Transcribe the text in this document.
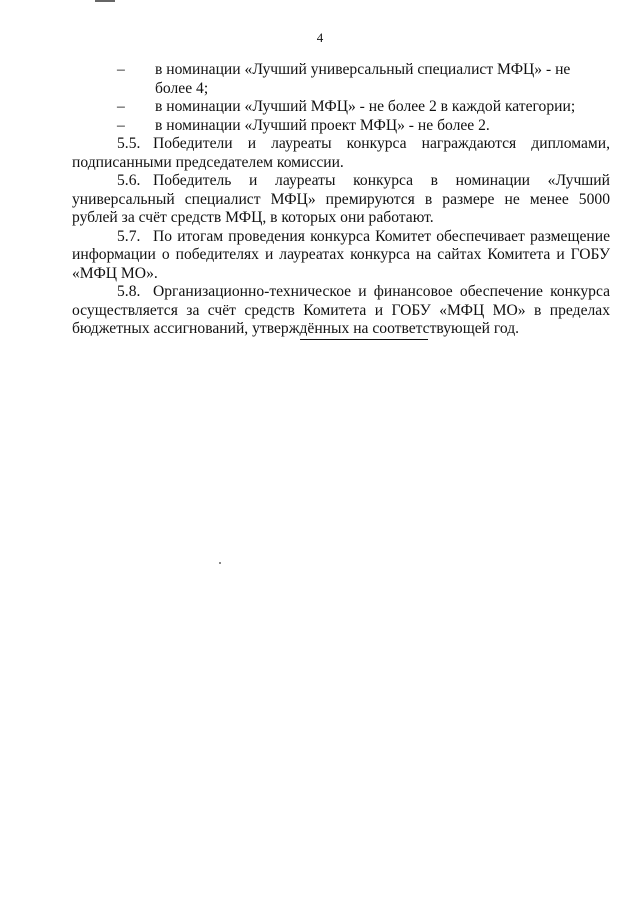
4
–	в номинации «Лучший универсальный специалист МФЦ» - не более 4;
–	в номинации «Лучший МФЦ» - не более 2 в каждой категории;
–	в номинации «Лучший проект МФЦ» - не более 2.
5.5. Победители и лауреаты конкурса награждаются дипломами, подписанными председателем комиссии.
5.6. Победитель и лауреаты конкурса в номинации «Лучший универсальный специалист МФЦ» премируются в размере не менее 5000 рублей за счёт средств МФЦ, в которых они работают.
5.7. По итогам проведения конкурса Комитет обеспечивает размещение информации о победителях и лауреатах конкурса на сайтах Комитета и ГОБУ «МФЦ МО».
5.8. Организационно-техническое и финансовое обеспечение конкурса осуществляется за счёт средств Комитета и ГОБУ «МФЦ МО» в пределах бюджетных ассигнований, утверждённых на соответствующей год.
